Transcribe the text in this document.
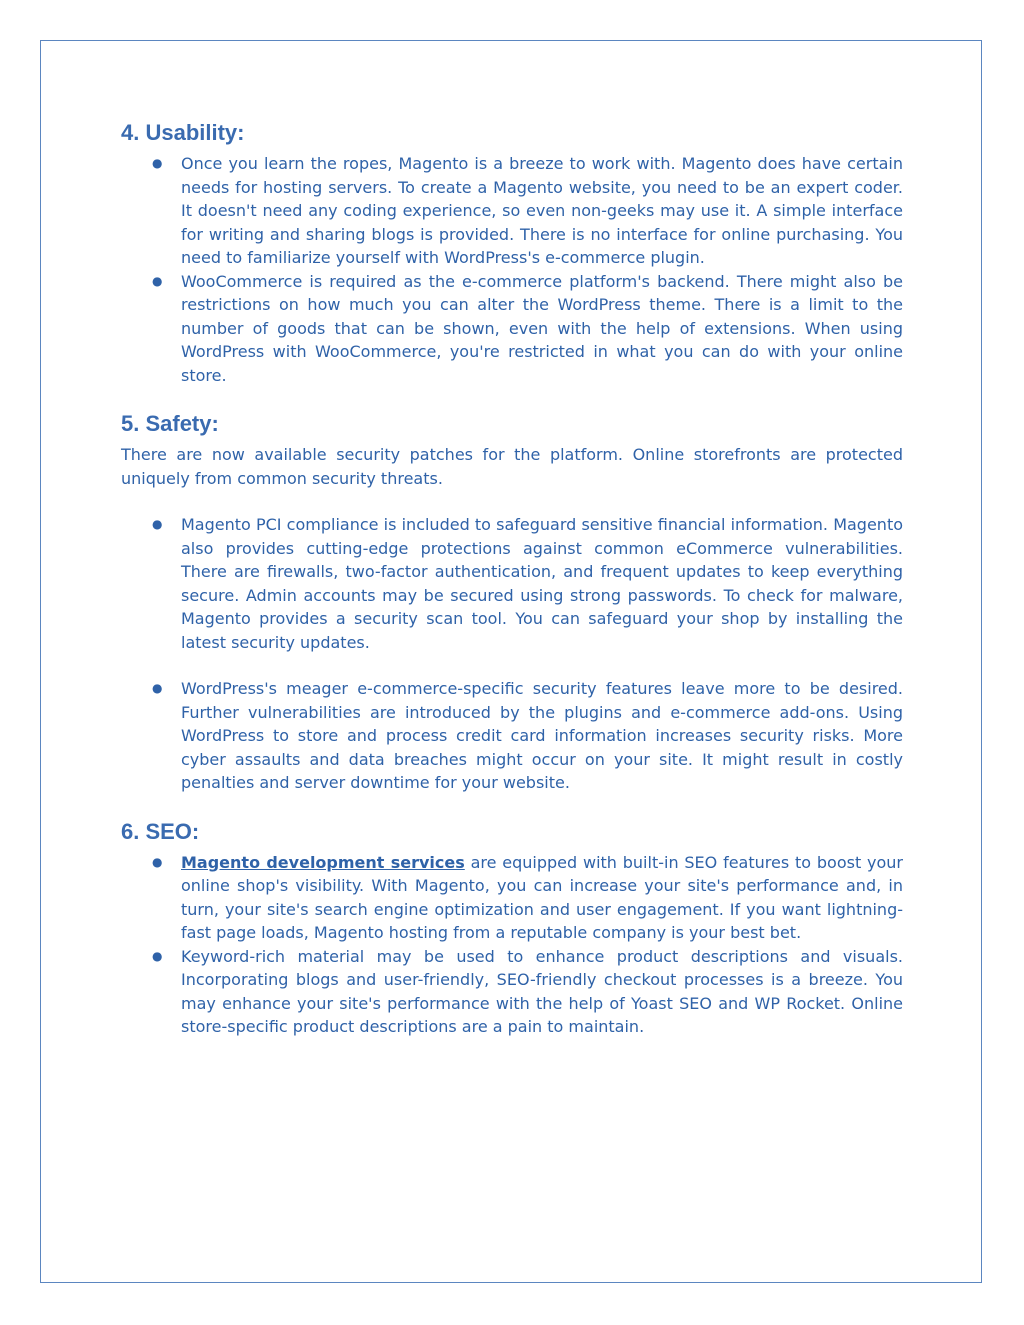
4. Usability:
● Once you learn the ropes, Magento is a breeze to work with. Magento does have certain needs for hosting servers. To create a Magento website, you need to be an expert coder. It doesn't need any coding experience, so even non-geeks may use it. A simple interface for writing and sharing blogs is provided. There is no interface for online purchasing. You need to familiarize yourself with WordPress's e-commerce plugin.
● WooCommerce is required as the e-commerce platform's backend. There might also be restrictions on how much you can alter the WordPress theme. There is a limit to the number of goods that can be shown, even with the help of extensions. When using WordPress with WooCommerce, you're restricted in what you can do with your online store.
5. Safety:

There are now available security patches for the platform. Online storefronts are protected uniquely from common security threats.

● Magento PCI compliance is included to safeguard sensitive financial information. Magento also provides cutting-edge protections against common eCommerce vulnerabilities. There are firewalls, two-factor authentication, and frequent updates to keep everything secure. Admin accounts may be secured using strong passwords. To check for malware, Magento provides a security scan tool. You can safeguard your shop by installing the latest security updates.
● WordPress's meager e-commerce-specific security features leave more to be desired. Further vulnerabilities are introduced by the plugins and e-commerce add-ons. Using WordPress to store and process credit card information increases security risks. More cyber assaults and data breaches might occur on your site. It might result in costly penalties and server downtime for your website.
6. SEO:
● Magento development services are equipped with built-in SEO features to boost your online shop's visibility. With Magento, you can increase your site's performance and, in turn, your site's search engine optimization and user engagement. If you want lightning-fast page loads, Magento hosting from a reputable company is your best bet.
● Keyword-rich material may be used to enhance product descriptions and visuals. Incorporating blogs and user-friendly, SEO-friendly checkout processes is a breeze. You may enhance your site's performance with the help of Yoast SEO and WP Rocket. Online store-specific product descriptions are a pain to maintain.
